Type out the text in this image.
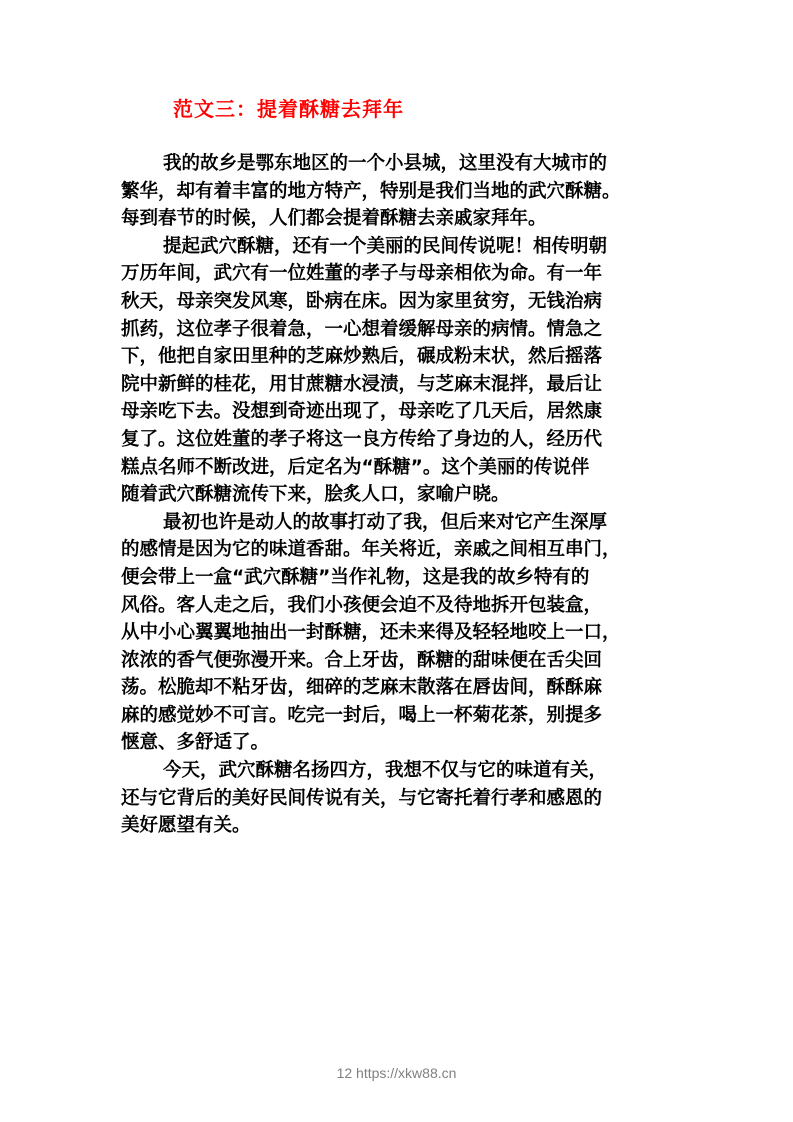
范文三：提着酥糖去拜年
我的故乡是鄂东地区的一个小县城，这里没有大城市的
繁华，却有着丰富的地方特产，特别是我们当地的武穴酥糖。
每到春节的时候，人们都会提着酥糖去亲戚家拜年。
提起武穴酥糖，还有一个美丽的民间传说呢！相传明朝
万历年间，武穴有一位姓董的孝子与母亲相依为命。有一年
秋天，母亲突发风寒，卧病在床。因为家里贫穷，无钱治病
抓药，这位孝子很着急，一心想着缓解母亲的病情。情急之
下，他把自家田里种的芝麻炒熟后，碾成粉末状，然后摇落
院中新鲜的桂花，用甘蔗糖水浸渍，与芝麻末混拌，最后让
母亲吃下去。没想到奇迹出现了，母亲吃了几天后，居然康
复了。这位姓董的孝子将这一良方传给了身边的人，经历代
糕点名师不断改进，后定名为“酥糖”。这个美丽的传说伴
随着武穴酥糖流传下来，脍炙人口，家喻户晓。
最初也许是动人的故事打动了我，但后来对它产生深厚
的感情是因为它的味道香甜。年关将近，亲戚之间相互串门，
便会带上一盒“武穴酥糖”当作礼物，这是我的故乡特有的
风俗。客人走之后，我们小孩便会迫不及待地拆开包装盒，
从中小心翼翼地抽出一封酥糖，还未来得及轻轻地咬上一口，
浓浓的香气便弥漫开来。合上牙齿，酥糖的甜味便在舌尖回
荡。松脆却不粘牙齿，细碎的芝麻末散落在唇齿间，酥酥麻
麻的感觉妙不可言。吃完一封后，喝上一杯菊花茶，别提多
惬意、多舒适了。
今天，武穴酥糖名扬四方，我想不仅与它的味道有关，
还与它背后的美好民间传说有关，与它寄托着行孝和感恩的
美好愿望有关。
12 https://xkw88.cn
